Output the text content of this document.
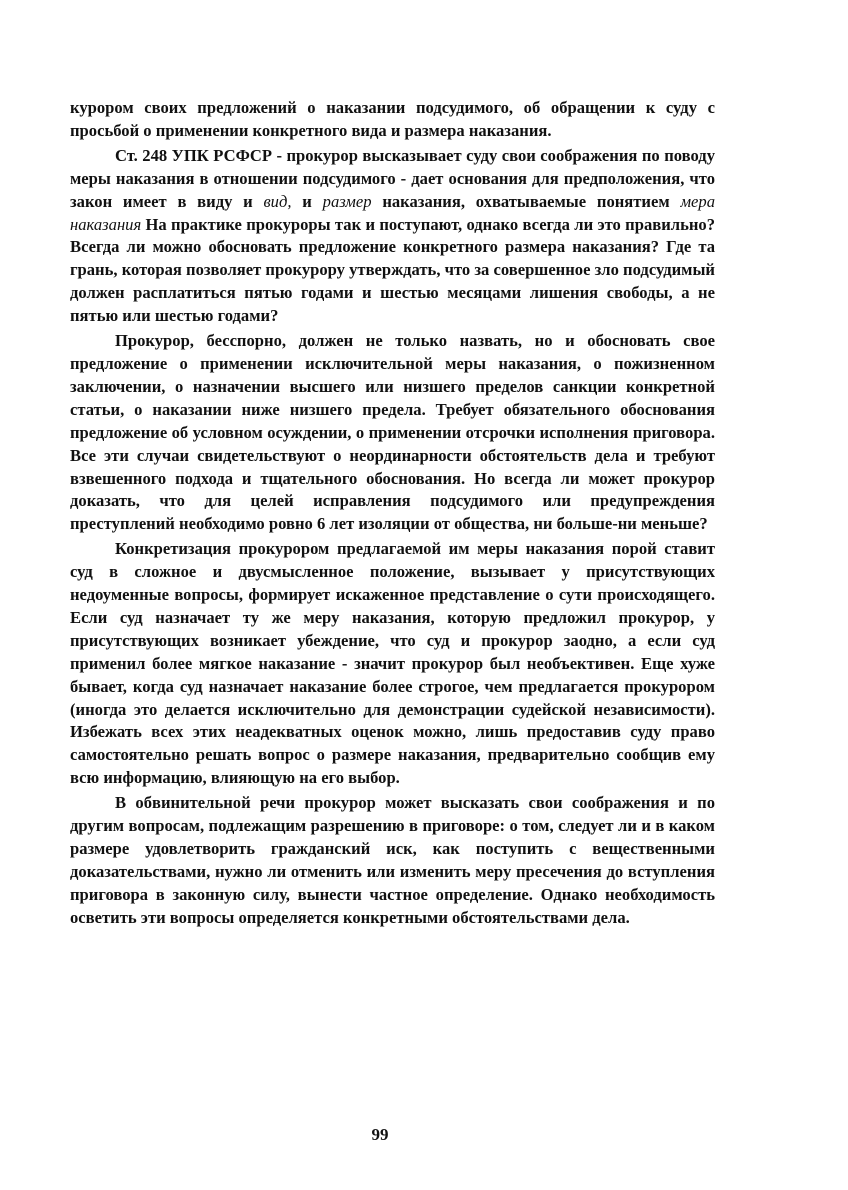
курором своих предложений о наказании подсудимого, об обращении к суду с просьбой о применении конкретного вида и размера наказания.

Ст. 248 УПК РСФСР - прокурор высказывает суду свои соображения по поводу меры наказания в отношении подсудимого - дает основания для предположения, что закон имеет в виду и вид, и размер наказания, охватываемые понятием мера наказания На практике прокуроры так и поступают, однако всегда ли это правильно? Всегда ли можно обосновать предложение конкретного размера наказания? Где та грань, которая позволяет прокурору утверждать, что за совершенное зло подсудимый должен расплатиться пятью годами и шестью месяцами лишения свободы, а не пятью или шестью годами?

Прокурор, бесспорно, должен не только назвать, но и обосновать свое предложение о применении исключительной меры наказания, о пожизненном заключении, о назначении высшего или низшего пределов санкции конкретной статьи, о наказании ниже низшего предела. Требует обязательного обоснования предложение об условном осуждении, о применении отсрочки исполнения приговора. Все эти случаи свидетельствуют о неординарности обстоятельств дела и требуют взвешенного подхода и тщательного обоснования. Но всегда ли может прокурор доказать, что для целей исправления подсудимого или предупреждения преступлений необходимо ровно 6 лет изоляции от общества, ни больше-ни меньше?

Конкретизация прокурором предлагаемой им меры наказания порой ставит суд в сложное и двусмысленное положение, вызывает у присутствующих недоуменные вопросы, формирует искаженное представление о сути происходящего. Если суд назначает ту же меру наказания, которую предложил прокурор, у присутствующих возникает убеждение, что суд и прокурор заодно, а если суд применил более мягкое наказание - значит прокурор был необъективен. Еще хуже бывает, когда суд назначает наказание более строгое, чем предлагается прокурором (иногда это делается исключительно для демонстрации судейской независимости). Избежать всех этих неадекватных оценок можно, лишь предоставив суду право самостоятельно решать вопрос о размере наказания, предварительно сообщив ему всю информацию, влияющую на его выбор.

В обвинительной речи прокурор может высказать свои соображения и по другим вопросам, подлежащим разрешению в приговоре: о том, следует ли и в каком размере удовлетворить гражданский иск, как поступить с вещественными доказательствами, нужно ли отменить или изменить меру пресечения до вступления приговора в законную силу, вынести частное определение. Однако необходимость осветить эти вопросы определяется конкретными обстоятельствами дела.

99
